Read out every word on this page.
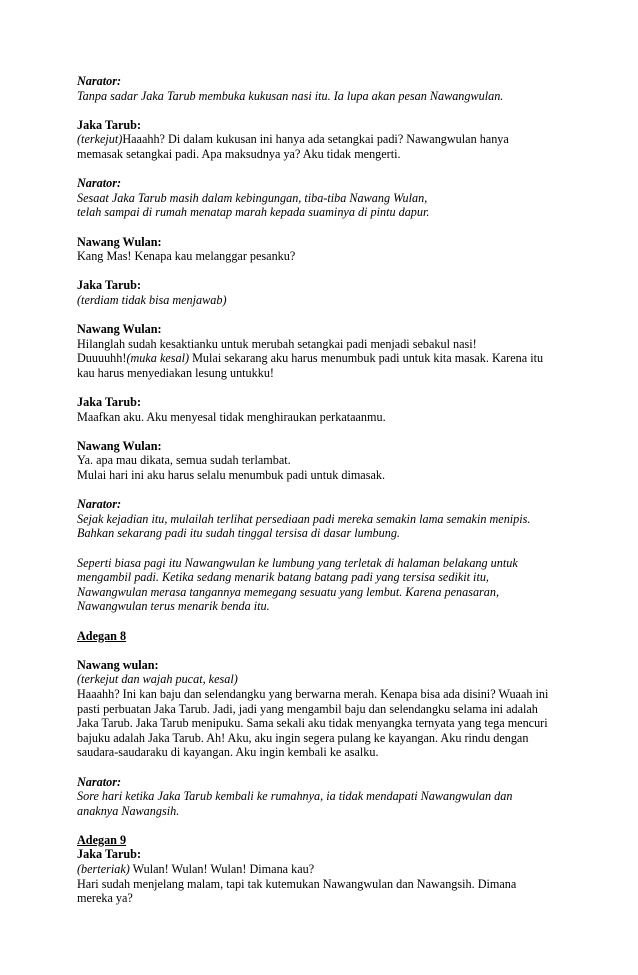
Narator:

Tanpa sadar Jaka Tarub membuka kukusan nasi itu. Ia lupa akan pesan Nawangwulan.

Jaka Tarub:

(terkejut)Haaahh? Di dalam kukusan ini hanya ada setangkai padi? Nawangwulan hanya

memasak setangkai padi. Apa maksudnya ya? Aku tidak mengerti.

Narator:

Sesaat Jaka Tarub masih dalam kebingungan, tiba-tiba Nawang Wulan,

telah sampai di rumah menatap marah kepada suaminya di pintu dapur.

Nawang Wulan:

Kang Mas! Kenapa kau melanggar pesanku?

Jaka Tarub:

(terdiam tidak bisa menjawab)

Nawang Wulan:

Hilanglah sudah kesaktianku untuk merubah setangkai padi menjadi sebakul nasi!

Duuuuhh!(muka kesal) Mulai sekarang aku harus menumbuk padi untuk kita masak. Karena itu

kau harus menyediakan lesung untukku!

Jaka Tarub:

Maafkan aku. Aku menyesal tidak menghiraukan perkataanmu.

Nawang Wulan:

Ya. apa mau dikata, semua sudah terlambat.

Mulai hari ini aku harus selalu menumbuk padi untuk dimasak.

Narator:

Sejak kejadian itu, mulailah terlihat persediaan padi mereka semakin lama semakin menipis.

Bahkan sekarang padi itu sudah tinggal tersisa di dasar lumbung.

Seperti biasa pagi itu Nawangwulan ke lumbung yang terletak di halaman belakang untuk

mengambil padi. Ketika sedang menarik batang batang padi yang tersisa sedikit itu,

Nawangwulan merasa tangannya memegang sesuatu yang lembut. Karena penasaran,

Nawangwulan terus menarik benda itu.

Adegan 8

Nawang wulan:

(terkejut dan wajah pucat, kesal)

Haaahh? Ini kan baju dan selendangku yang berwarna merah. Kenapa bisa ada disini? Wuaah ini

pasti perbuatan Jaka Tarub. Jadi, jadi yang mengambil baju dan selendangku selama ini adalah

Jaka Tarub. Jaka Tarub menipuku. Sama sekali aku tidak menyangka ternyata yang tega mencuri

bajuku adalah Jaka Tarub. Ah! Aku, aku ingin segera pulang ke kayangan. Aku rindu dengan

saudara-saudaraku di kayangan. Aku ingin kembali ke asalku.

Narator:

Sore hari ketika Jaka Tarub kembali ke rumahnya, ia tidak mendapati Nawangwulan dan

anaknya Nawangsih.

Adegan 9

Jaka Tarub:

(berteriak) Wulan! Wulan! Wulan! Dimana kau?

Hari sudah menjelang malam, tapi tak kutemukan Nawangwulan dan Nawangsih. Dimana

mereka ya?
